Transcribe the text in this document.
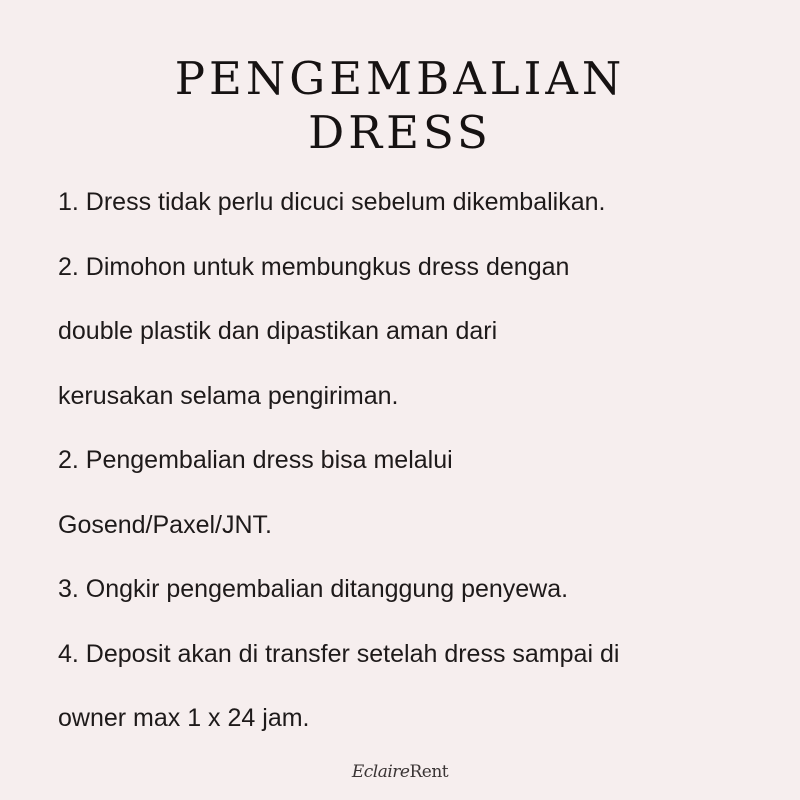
PENGEMBALIAN
DRESS
1. Dress tidak perlu dicuci sebelum dikembalikan.
2. Dimohon untuk membungkus dress dengan
double plastik dan dipastikan aman dari
kerusakan selama pengiriman.
2. Pengembalian dress bisa melalui
Gosend/Paxel/JNT.
3. Ongkir pengembalian ditanggung penyewa.
4. Deposit akan di transfer setelah dress sampai di
owner max 1 x 24 jam.
EclaireRent
